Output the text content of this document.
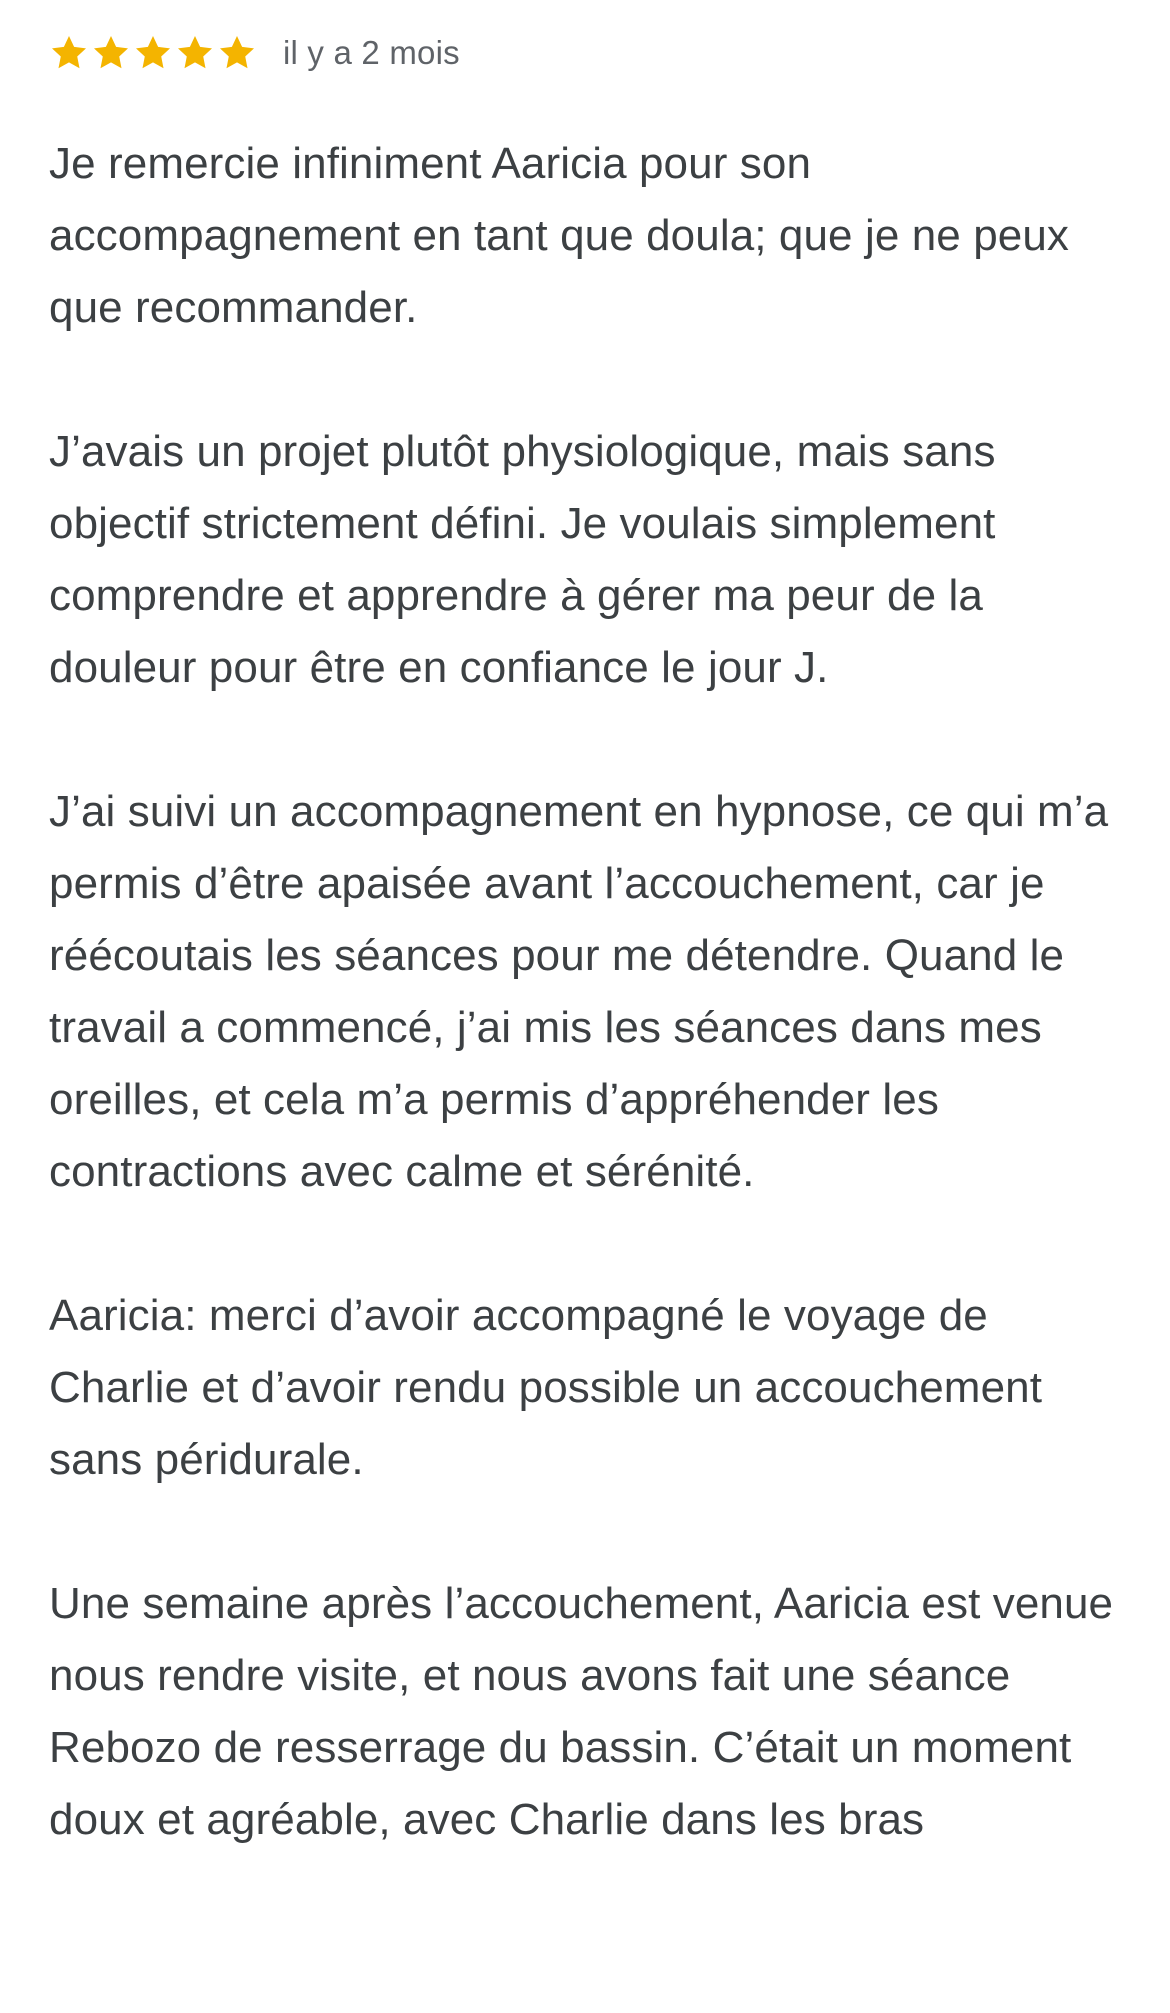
il y a 2 mois

Je remercie infiniment Aaricia pour son accompagnement en tant que doula; que je ne peux que recommander.

J’avais un projet plutôt physiologique, mais sans objectif strictement défini. Je voulais simplement comprendre et apprendre à gérer ma peur de la douleur pour être en confiance le jour J.

J’ai suivi un accompagnement en hypnose, ce qui m’a permis d’être apaisée avant l’accouchement, car je réécoutais les séances pour me détendre. Quand le travail a commencé, j’ai mis les séances dans mes oreilles, et cela m’a permis d’appréhender les contractions avec calme et sérénité.

Aaricia: merci d’avoir accompagné le voyage de Charlie et d’avoir rendu possible un accouchement sans péridurale.

Une semaine après l’accouchement, Aaricia est venue nous rendre visite, et nous avons fait une séance Rebozo de resserrage du bassin. C’était un moment doux et agréable, avec Charlie dans les bras
